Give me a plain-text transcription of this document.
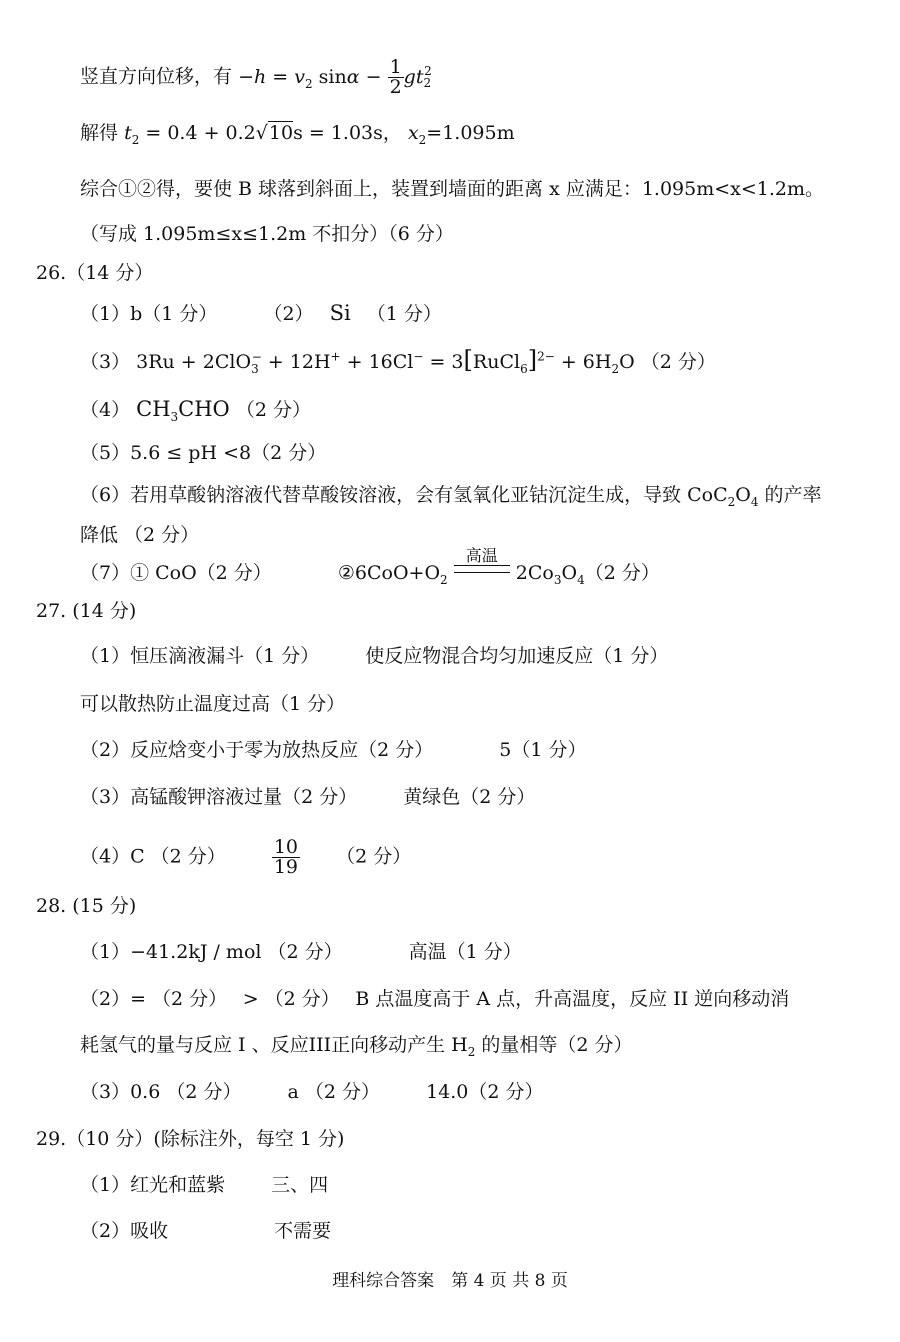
竖直方向位移，有 $-h = v_2$ $\sin\alpha - \frac{1}{2} gt_2^2$
解得 $t_2 = 0.4 + 0.2√10s = 1.03s$， $x_2=1.095m$
综合①②得，要使 B 球落到斜面上，装置到墙面的距离 x 应满足：1.095m<x<1.2m。
（写成 1.095m≤x≤1.2m 不扣分）（6 分）
26.（14 分）
（1）b（1 分） （2） Si （1 分）
（3） 3Ru + 2ClO$_3$− + 12H+ + 16Cl− = 3[RuCl$_6$]$^{2-}$ + $6H_2O$ （2 分）
（4） $CH_3CHO$ （2 分）
（5）5.6 ≤ pH <8（2 分）
（6）若用草酸钠溶液代替草酸铵溶液，会有氢氧化亚钴沉淀生成，导致 $CoC_2O_4$ 的产率
降低 （2 分）
（7）① CoO（2 分）	$②6CoO+O_2$
高温
$2Co_3O_4(2$ 分）
27. (14 分)
（1）恒压滴液漏斗（1 分） 使反应物混合均匀加速反应（1 分）
可以散热防止温度过高（1 分）
（2）反应焓变小于零为放热反应（2 分）	5（1 分）
（3）高锰酸钾溶液过量（2 分） 黄绿色（2 分）
（4）C （2 分） $\frac{10}{19} (2$ 分）
28. (15 分)
（1）−41.2kJ / mol （2 分）	高温（1 分）
（2）= （2 分）　 > （2 分）　 B 点温度高于 A 点，升高温度，反应 II 逆向移动消
耗氢气的量与反应 I 、反应III正向移动产生 $H_2$ 的量相等（2 分）
（3）0.6 （2 分） a （2 分） 14.0（2 分）
29.（10 分）(除标注外，每空 1 分)
（1）红光和蓝紫 三、四
（2）吸收	不需要
理科综合答案　第 4 页 共 8 页
